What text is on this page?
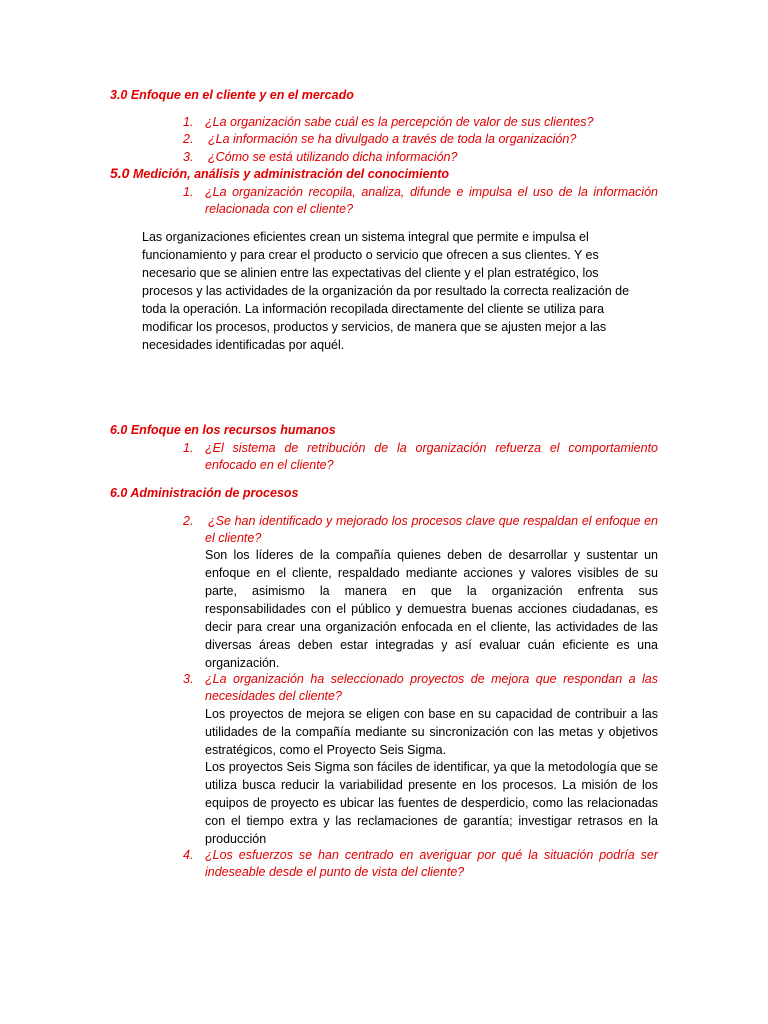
3.0 Enfoque en el cliente y en el mercado
1. ¿La organización sabe cuál es la percepción de valor de sus clientes?
2.	¿La información se ha divulgado a través de toda la organización?
3.	¿Cómo se está utilizando dicha información?
5.0 Medición, análisis y administración del conocimiento
1. ¿La organización recopila, analiza, difunde e impulsa el uso de la información relacionada con el cliente?
Las organizaciones eficientes crean un sistema integral que permite e impulsa el
funcionamiento y para crear el producto o servicio que ofrecen a sus clientes. Y es
necesario que se alinien entre las expectativas del cliente y el plan estratégico, los
procesos y las actividades de la organización da por resultado la correcta realización de
toda la operación. La información recopilada directamente del cliente se utiliza para
modificar los procesos, productos y servicios, de manera que se ajusten mejor a las
necesidades identificadas por aquél.
6.0 Enfoque en los recursos humanos
1. ¿El sistema de retribución de la organización refuerza el comportamiento enfocado en el cliente?
6.0 Administración de procesos
2.	¿Se han identificado y mejorado los procesos clave que respaldan el enfoque en el cliente?
Son los líderes de la compañía quienes deben de desarrollar y sustentar un enfoque en el cliente, respaldado mediante acciones y valores visibles de su parte, asimismo la manera en que la organización enfrenta sus responsabilidades con el público y demuestra buenas acciones ciudadanas, es decir para crear una organización enfocada en el cliente, las actividades de las diversas áreas deben estar integradas y así evaluar cuán eficiente es una organización.
3. ¿La organización ha seleccionado proyectos de mejora que respondan a las necesidades del cliente?
Los proyectos de mejora se eligen con base en su capacidad de contribuir a las utilidades de la compañía mediante su sincronización con las metas y objetivos estratégicos, como el Proyecto Seis Sigma.
Los proyectos Seis Sigma son fáciles de identificar, ya que la metodología que se utiliza busca reducir la variabilidad presente en los procesos. La misión de los equipos de proyecto es ubicar las fuentes de desperdicio, como las relacionadas con el tiempo extra y las reclamaciones de garantía; investigar retrasos en la producción
4. ¿Los esfuerzos se han centrado en averiguar por qué la situación podría ser indeseable desde el punto de vista del cliente?
